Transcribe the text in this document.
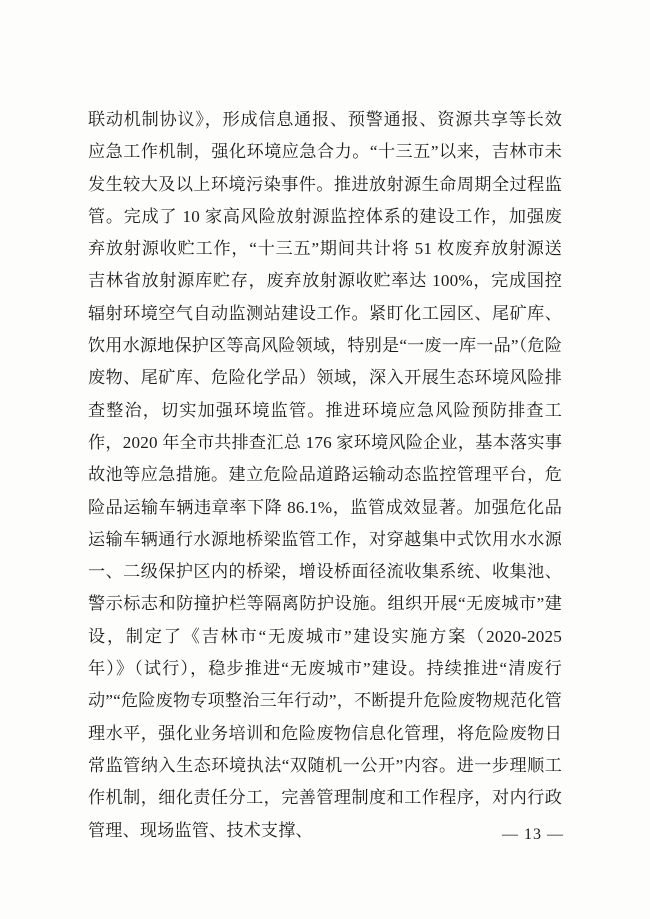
联动机制协议》，形成信息通报、预警通报、资源共享等长效应急工作机制，强化环境应急合力。“十三五”以来，吉林市未发生较大及以上环境污染事件。推进放射源生命周期全过程监管。完成了 10 家高风险放射源监控体系的建设工作，加强废弃放射源收贮工作，“十三五”期间共计将 51 枚废弃放射源送吉林省放射源库贮存，废弃放射源收贮率达 100%，完成国控辐射环境空气自动监测站建设工作。紧盯化工园区、尾矿库、饮用水源地保护区等高风险领域，特别是“一废一库一品”（危险废物、尾矿库、危险化学品）领域，深入开展生态环境风险排查整治，切实加强环境监管。推进环境应急风险预防排查工作，2020 年全市共排查汇总 176 家环境风险企业，基本落实事故池等应急措施。建立危险品道路运输动态监控管理平台，危险品运输车辆违章率下降 86.1%，监管成效显著。加强危化品运输车辆通行水源地桥梁监管工作，对穿越集中式饮用水水源一、二级保护区内的桥梁，增设桥面径流收集系统、收集池、警示标志和防撞护栏等隔离防护设施。组织开展“无废城市”建设，制定了《吉林市“无废城市”建设实施方案（2020-2025 年）》（试行），稳步推进“无废城市”建设。持续推进“清废行动”“危险废物专项整治三年行动”，不断提升危险废物规范化管理水平，强化业务培训和危险废物信息化管理，将危险废物日常监管纳入生态环境执法“双随机一公开”内容。进一步理顺工作机制，细化责任分工，完善管理制度和工作程序，对内行政管理、现场监管、技术支撑、	— 13 —
